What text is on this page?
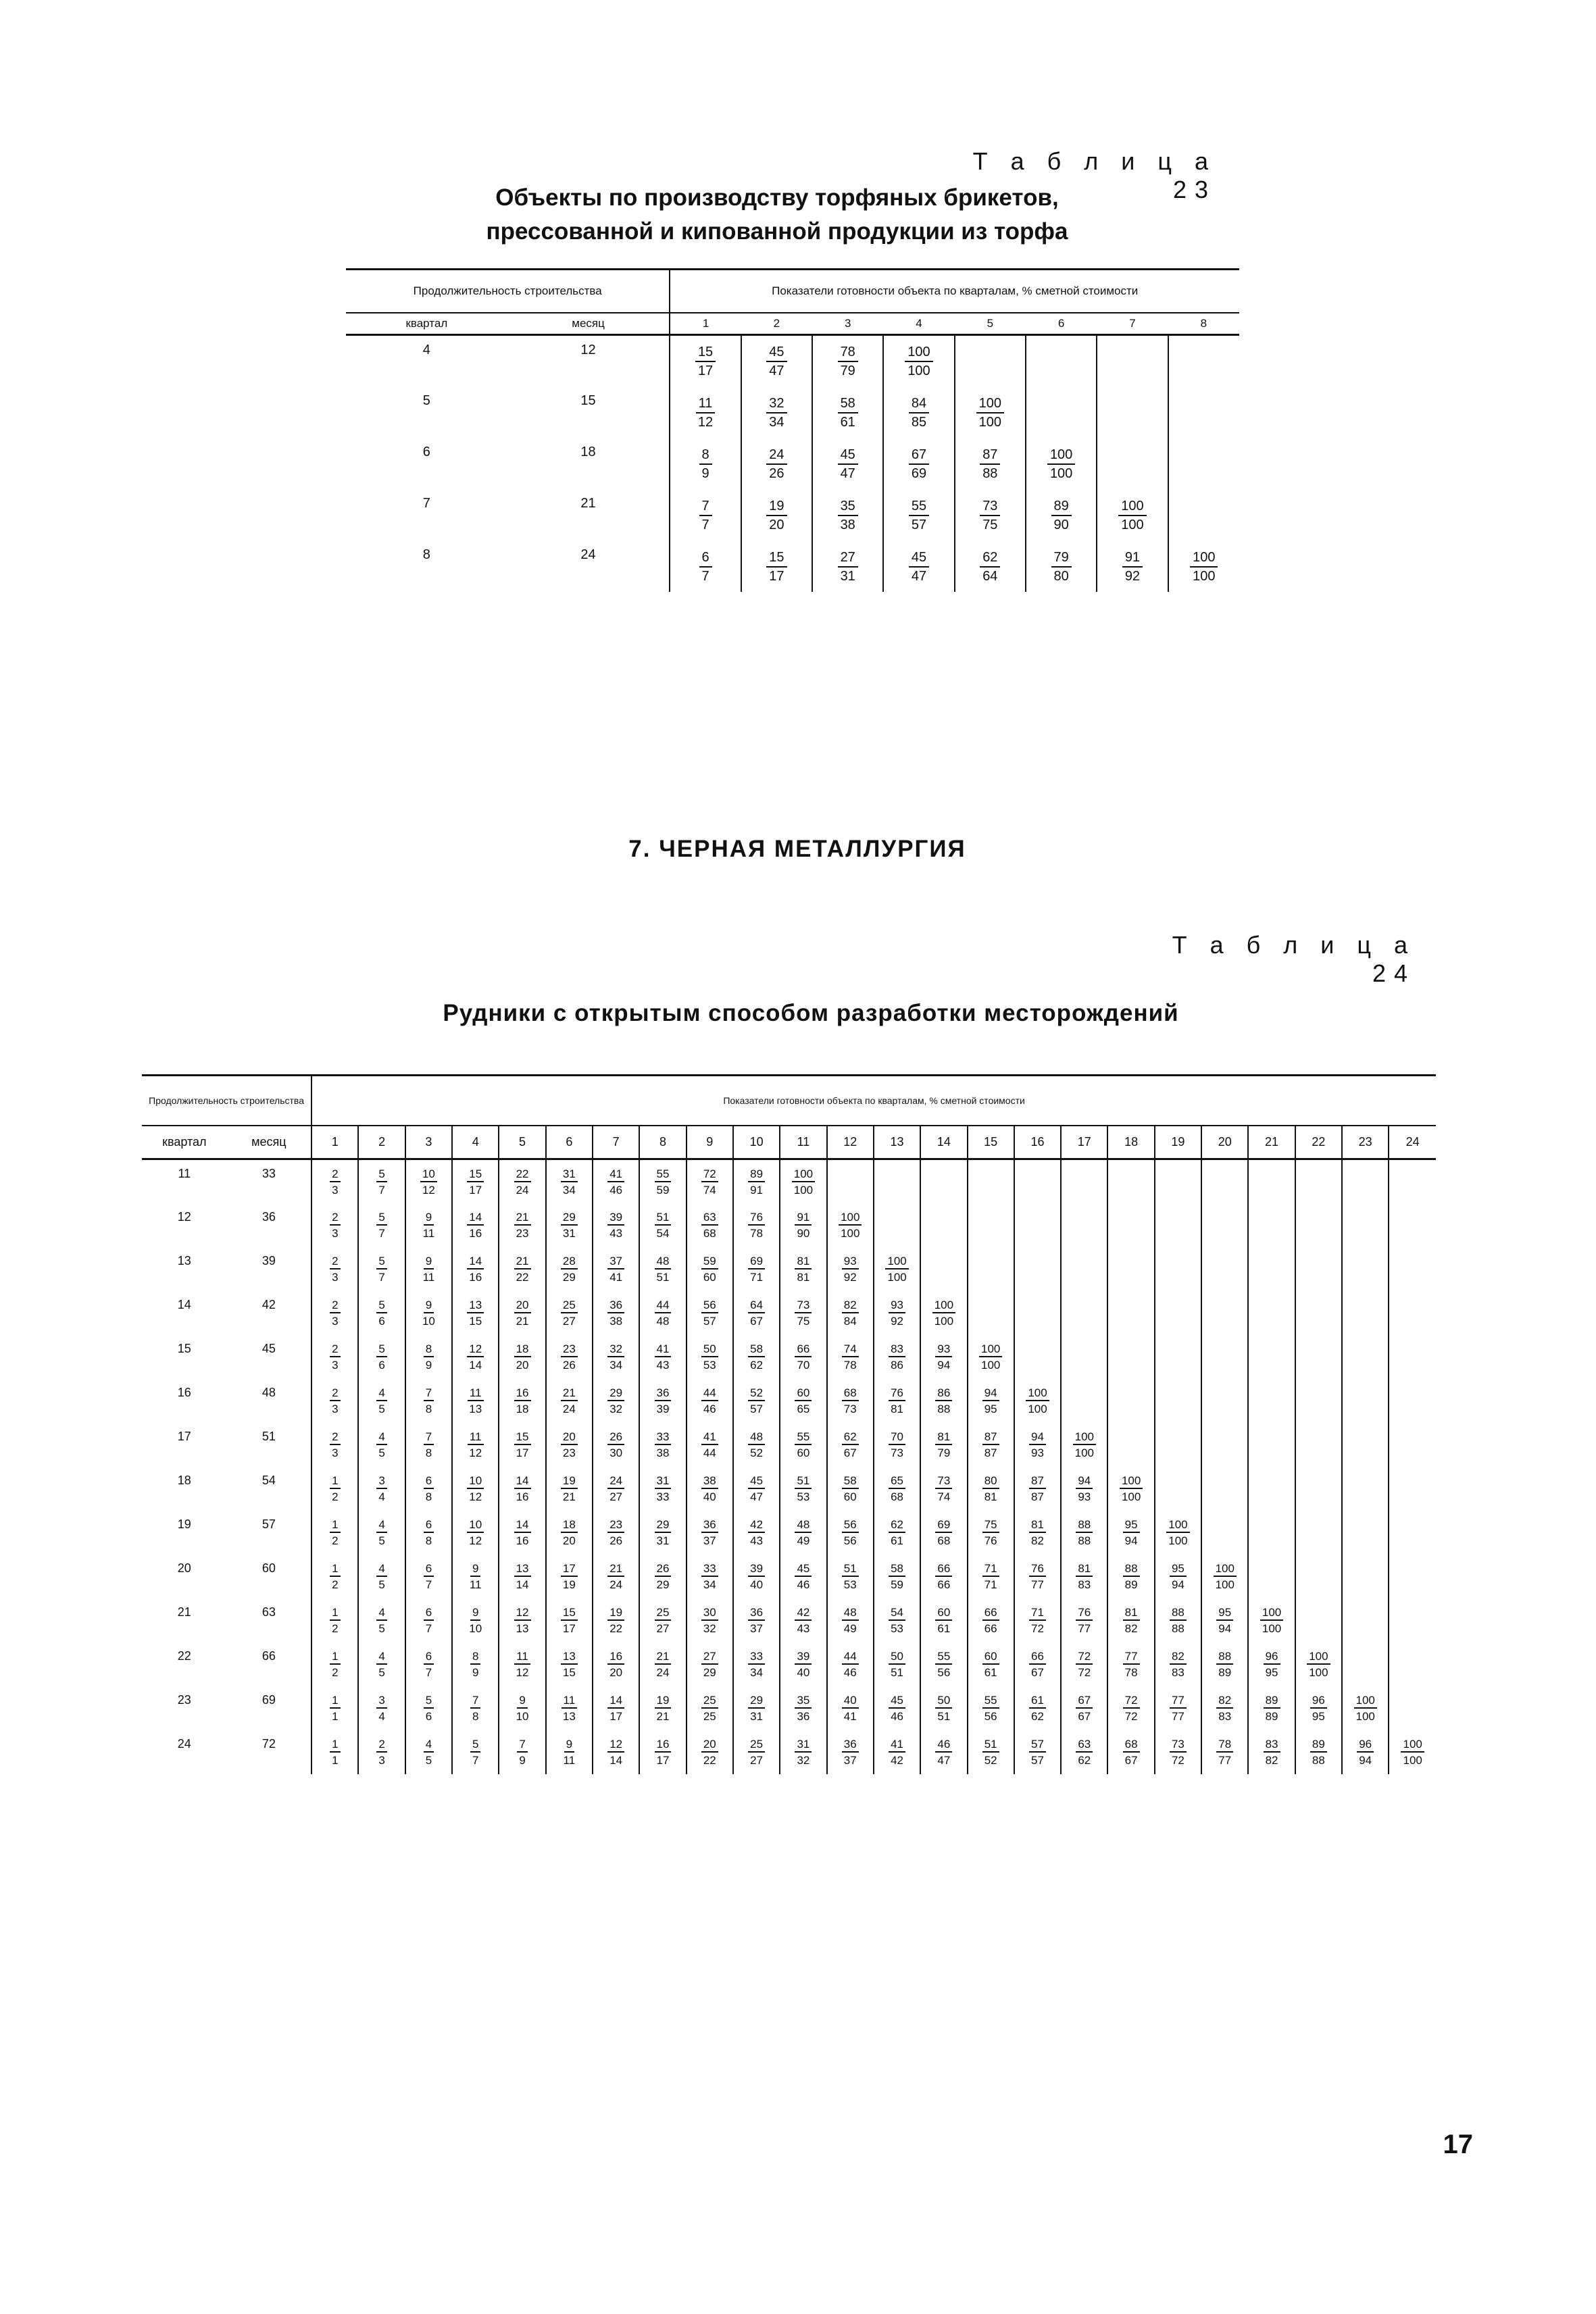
Т а б л и ц а 23
Объекты по производству торфяных брикетов,
прессованной и кипованной продукции из торфа
Продолжительность строительства		Показатели готовности объекта по кварталам, % сметной стоимости							
квартал	месяц	1	2	3	4	5	6	7	8
4	12	$\frac{15}{17}$	$\frac{45}{47}$	$\frac{78}{79}$	$\frac{100}{100}$

5	15	$\frac{11}{12}$	$\frac{32}{34}$	$\frac{58}{61}$	$\frac{84}{85}$	$\frac{100}{100}$

6	18	$\frac{8}{9}$	$\frac{24}{26}$	$\frac{45}{47}$	$\frac{67}{69}$	$\frac{87}{88}$	$\frac{100}{100}$

7	21	$\frac{7}{7}$	$\frac{19}{20}$	$\frac{35}{38}$	$\frac{55}{57}$	$\frac{73}{75}$	$\frac{89}{90}$	$\frac{100}{100}$

8	24	$\frac{6}{7}$	$\frac{15}{17}$	$\frac{27}{31}$	$\frac{45}{47}$	$\frac{62}{64}$	$\frac{79}{80}$	$\frac{91}{92}$	$\frac{100}{100}$
7. ЧЕРНАЯ МЕТАЛЛУРГИЯ
Т а б л и ц а 24
Рудники с открытым способом разработки месторождений
Продолжительность строительства		Показатели готовности объекта по кварталам, % сметной стоимости																							
квартал	месяц	1	2	3	4	5	6	7	8	9	10	11	12	13	14	15	16	17	18	19	20	21	22	23	24
11	33	$\frac{2}{3}$	$\frac{5}{7}$	$\frac{10}{12}$	$\frac{15}{17}$	$\frac{22}{24}$	$\frac{31}{34}$	$\frac{41}{46}$	$\frac{55}{59}$	$\frac{72}{74}$	$\frac{89}{91}$	$\frac{100}{100}$

12	36	$\frac{2}{3}$	$\frac{5}{7}$	$\frac{9}{11}$	$\frac{14}{16}$	$\frac{21}{23}$	$\frac{29}{31}$	$\frac{39}{43}$	$\frac{51}{54}$	$\frac{63}{68}$	$\frac{76}{78}$	$\frac{91}{90}$	$\frac{100}{100}$

13	39	$\frac{2}{3}$	$\frac{5}{7}$	$\frac{9}{11}$	$\frac{14}{16}$	$\frac{21}{22}$	$\frac{28}{29}$	$\frac{37}{41}$	$\frac{48}{51}$	$\frac{59}{60}$	$\frac{69}{71}$	$\frac{81}{81}$	$\frac{93}{92}$	$\frac{100}{100}$

14	42	$\frac{2}{3}$	$\frac{5}{6}$	$\frac{9}{10}$	$\frac{13}{15}$	$\frac{20}{21}$	$\frac{25}{27}$	$\frac{36}{38}$	$\frac{44}{48}$	$\frac{56}{57}$	$\frac{64}{67}$	$\frac{73}{75}$	$\frac{82}{84}$	$\frac{93}{92}$	$\frac{100}{100}$

15	45	$\frac{2}{3}$	$\frac{5}{6}$	$\frac{8}{9}$	$\frac{12}{14}$	$\frac{18}{20}$	$\frac{23}{26}$	$\frac{32}{34}$	$\frac{41}{43}$	$\frac{50}{53}$	$\frac{58}{62}$	$\frac{66}{70}$	$\frac{74}{78}$	$\frac{83}{86}$	$\frac{93}{94}$	$\frac{100}{100}$

16	48	$\frac{2}{3}$	$\frac{4}{5}$	$\frac{7}{8}$	$\frac{11}{13}$	$\frac{16}{18}$	$\frac{21}{24}$	$\frac{29}{32}$	$\frac{36}{39}$	$\frac{44}{46}$	$\frac{52}{57}$	$\frac{60}{65}$	$\frac{68}{73}$	$\frac{76}{81}$	$\frac{86}{88}$	$\frac{94}{95}$	$\frac{100}{100}$

17	51	$\frac{2}{3}$	$\frac{4}{5}$	$\frac{7}{8}$	$\frac{11}{12}$	$\frac{15}{17}$	$\frac{20}{23}$	$\frac{26}{30}$	$\frac{33}{38}$	$\frac{41}{44}$	$\frac{48}{52}$	$\frac{55}{60}$	$\frac{62}{67}$	$\frac{70}{73}$	$\frac{81}{79}$	$\frac{87}{87}$	$\frac{94}{93}$	$\frac{100}{100}$

18	54	$\frac{1}{2}$	$\frac{3}{4}$	$\frac{6}{8}$	$\frac{10}{12}$	$\frac{14}{16}$	$\frac{19}{21}$	$\frac{24}{27}$	$\frac{31}{33}$	$\frac{38}{40}$	$\frac{45}{47}$	$\frac{51}{53}$	$\frac{58}{60}$	$\frac{65}{68}$	$\frac{73}{74}$	$\frac{80}{81}$	$\frac{87}{87}$	$\frac{94}{93}$	$\frac{100}{100}$

19	57	$\frac{1}{2}$	$\frac{4}{5}$	$\frac{6}{8}$	$\frac{10}{12}$	$\frac{14}{16}$	$\frac{18}{20}$	$\frac{23}{26}$	$\frac{29}{31}$	$\frac{36}{37}$	$\frac{42}{43}$	$\frac{48}{49}$	$\frac{56}{56}$	$\frac{62}{61}$	$\frac{69}{68}$	$\frac{75}{76}$	$\frac{81}{82}$	$\frac{88}{88}$	$\frac{95}{94}$	$\frac{100}{100}$

20	60	$\frac{1}{2}$	$\frac{4}{5}$	$\frac{6}{7}$	$\frac{9}{11}$	$\frac{13}{14}$	$\frac{17}{19}$	$\frac{21}{24}$	$\frac{26}{29}$	$\frac{33}{34}$	$\frac{39}{40}$	$\frac{45}{46}$	$\frac{51}{53}$	$\frac{58}{59}$	$\frac{66}{66}$	$\frac{71}{71}$	$\frac{76}{77}$	$\frac{81}{83}$	$\frac{88}{89}$	$\frac{95}{94}$	$\frac{100}{100}$

21	63	$\frac{1}{2}$	$\frac{4}{5}$	$\frac{6}{7}$	$\frac{9}{10}$	$\frac{12}{13}$	$\frac{15}{17}$	$\frac{19}{22}$	$\frac{25}{27}$	$\frac{30}{32}$	$\frac{36}{37}$	$\frac{42}{43}$	$\frac{48}{49}$	$\frac{54}{53}$	$\frac{60}{61}$	$\frac{66}{66}$	$\frac{71}{72}$	$\frac{76}{77}$	$\frac{81}{82}$	$\frac{88}{88}$	$\frac{95}{94}$	$\frac{100}{100}$

22	66	$\frac{1}{2}$	$\frac{4}{5}$	$\frac{6}{7}$	$\frac{8}{9}$	$\frac{11}{12}$	$\frac{13}{15}$	$\frac{16}{20}$	$\frac{21}{24}$	$\frac{27}{29}$	$\frac{33}{34}$	$\frac{39}{40}$	$\frac{44}{46}$	$\frac{50}{51}$	$\frac{55}{56}$	$\frac{60}{61}$	$\frac{66}{67}$	$\frac{72}{72}$	$\frac{77}{78}$	$\frac{82}{83}$	$\frac{88}{89}$	$\frac{96}{95}$	$\frac{100}{100}$

23	69	$\frac{1}{1}$	$\frac{3}{4}$	$\frac{5}{6}$	$\frac{7}{8}$	$\frac{9}{10}$	$\frac{11}{13}$	$\frac{14}{17}$	$\frac{19}{21}$	$\frac{25}{25}$	$\frac{29}{31}$	$\frac{35}{36}$	$\frac{40}{41}$	$\frac{45}{46}$	$\frac{50}{51}$	$\frac{55}{56}$	$\frac{61}{62}$	$\frac{67}{67}$	$\frac{72}{72}$	$\frac{77}{77}$	$\frac{82}{83}$	$\frac{89}{89}$	$\frac{96}{95}$	$\frac{100}{100}$

24	72	$\frac{1}{1}$	$\frac{2}{3}$	$\frac{4}{5}$	$\frac{5}{7}$	$\frac{7}{9}$	$\frac{9}{11}$	$\frac{12}{14}$	$\frac{16}{17}$	$\frac{20}{22}$	$\frac{25}{27}$	$\frac{31}{32}$	$\frac{36}{37}$	$\frac{41}{42}$	$\frac{46}{47}$	$\frac{51}{52}$	$\frac{57}{57}$	$\frac{63}{62}$	$\frac{68}{67}$	$\frac{73}{72}$	$\frac{78}{77}$	$\frac{83}{82}$	$\frac{89}{88}$	$\frac{96}{94}$	$\frac{100}{100}$
17
